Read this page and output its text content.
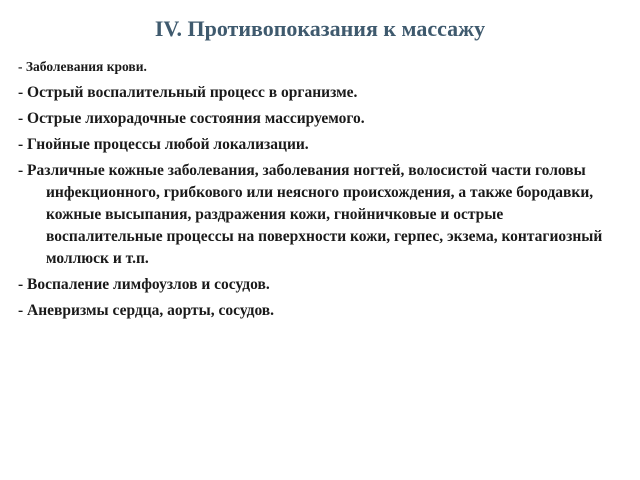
IV. Противопоказания к массажу
- Заболевания крови.
- Острый воспалительный процесс в организме.
- Острые лихорадочные состояния массируемого.
- Гнойные процессы любой локализации.
- Различные кожные заболевания, заболевания ногтей, волосистой части головы инфекционного, грибкового или неясного происхождения, а также бородавки, кожные высыпания, раздражения кожи, гнойничковые и острые воспалительные процессы на поверхности кожи, герпес, экзема, контагиозный моллюск и т.п.
- Воспаление лимфоузлов и сосудов.
- Аневризмы сердца, аорты, сосудов.
